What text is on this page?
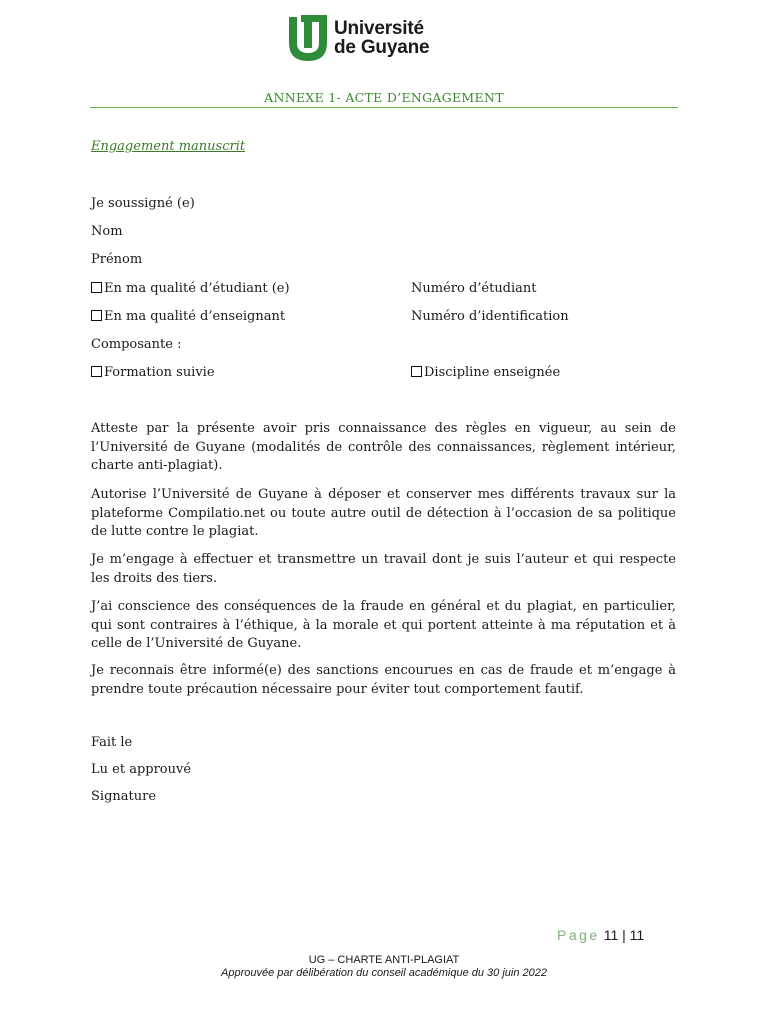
Université
de Guyane
ANNEXE 1- ACTE D’ENGAGEMENT
Engagement manuscrit
Je soussigné (e)
Nom
Prénom
En ma qualité d’étudiant (e)	Numéro d’étudiant
En ma qualité d’enseignant	Numéro d’identification
Composante :
Formation suivie	Discipline enseignée

Atteste par la présente avoir pris connaissance des règles en vigueur, au sein de l’Université de Guyane (modalités de contrôle des connaissances, règlement intérieur, charte anti-plagiat).

Autorise l’Université de Guyane à déposer et conserver mes différents travaux sur la plateforme Compilatio.net ou toute autre outil de détection à l’occasion de sa politique de lutte contre le plagiat.

Je m’engage à effectuer et transmettre un travail dont je suis l’auteur et qui respecte les droits des tiers.

J’ai conscience des conséquences de la fraude en général et du plagiat, en particulier, qui sont contraires à l’éthique, à la morale et qui portent atteinte à ma réputation et à celle de l’Université de Guyane.

Je reconnais être informé(e) des sanctions encourues en cas de fraude et m’engage à prendre toute précaution nécessaire pour éviter tout comportement fautif.

Fait le
Lu et approuvé
Signature
Page 11 | 11
UG – CHARTE ANTI-PLAGIAT
Approuvée par délibération du conseil académique du 30 juin 2022
